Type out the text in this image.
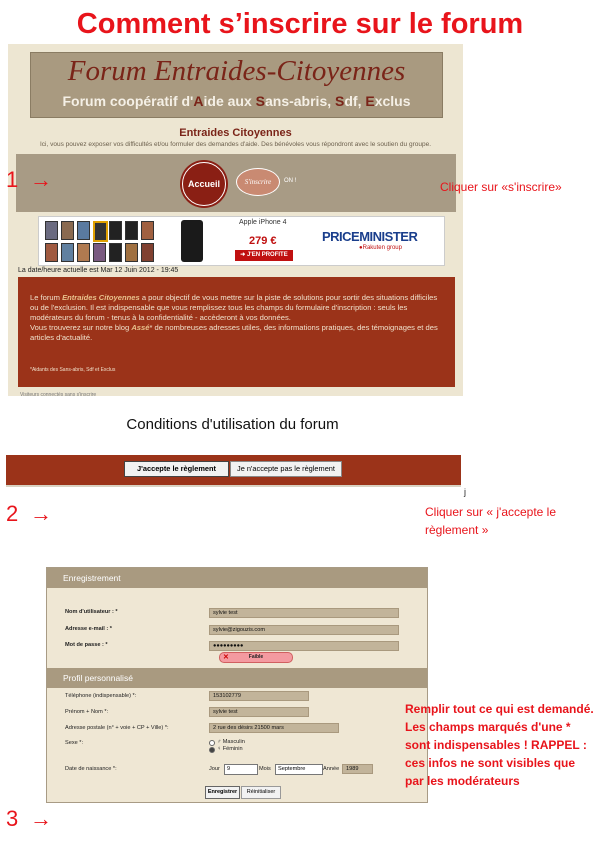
Comment s’inscrire sur le forum
Forum Entraides-Citoyennes
Forum coopératif d'Aide aux Sans-abris, Sdf, Exclus
Entraides Citoyennes
Ici, vous pouvez exposer vos difficultés et/ou formuler des demandes d'aide. Des bénévoles vous répondront avec le soutien du groupe.
Accueil	S'inscrire	ON !
Apple iPhone 4
279 €
➜ J'EN PROFITE
PRICEMINISTER
●Rakuten group
La date/heure actuelle est Mar 12 Juin 2012 - 19:45
Le forum Entraides Citoyennes a pour objectif de vous mettre sur la piste de solutions pour sortir des situations difficiles ou de l'exclusion. Il est indispensable que vous remplissez tous les champs du formulaire d'inscription : seuls les modérateurs du forum - tenus à la confidentialité - accèderont à vos données.
Vous trouverez sur notre blog Assé* de nombreuses adresses utiles, des informations pratiques, des témoignages et des articles d'actualité.
*Aidants des Sans-abris, Sdf et Exclus
Visiteurs connectés sans s'inscrire
1 →	Cliquer sur «s'inscrire»
Conditions d'utilisation du forum
J'accepte le règlement	Je n'accepte pas le règlement
j
2 →	Cliquer sur « j'accepte le règlement »
Enregistrement
Nom d'utilisateur : *	sylvie test
Adresse e-mail : *	sylvie@zigouzis.com
Mot de passe : *	●●●●●●●●●
Faible
✕
Profil personnalisé
Téléphone (indispensable) *:	153102779
Prénom + Nom *:	sylvie test
Adresse postale (n° + voie + CP + Ville) *:	2 rue des désirs 21500 mars
Sexe *:	♂ Masculin
♀ Féminin
Date de naissance *:	Jour	9	Mois	Septembre	Année	1989
Enregistrer	Réinitialiser
Remplir tout ce qui est demandé. Les champs marqués d'une * sont indispensables ! RAPPEL : ces infos ne sont visibles que par les modérateurs
3 →
